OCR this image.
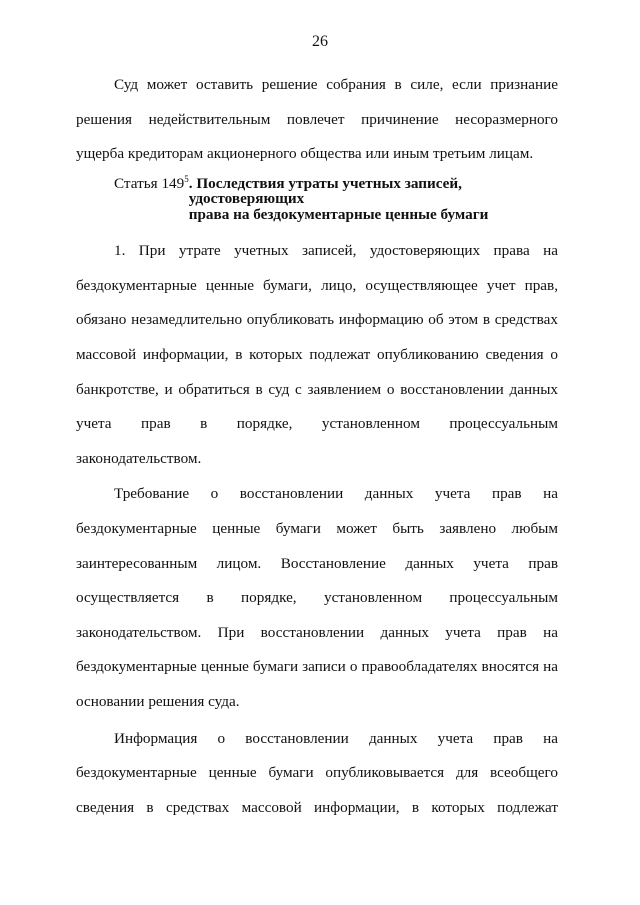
26

Суд может оставить решение собрания в силе, если признание решения недействительным повлечет причинение несоразмерного ущерба кредиторам акционерного общества или иным третьим лицам.

Статья $149^5$ . Последствия утраты учетных записей,
удостоверяющих
права на бездокументарные ценные бумаги

1. При утрате учетных записей, удостоверяющих права на бездокументарные ценные бумаги, лицо, осуществляющее учет прав, обязано незамедлительно опубликовать информацию об этом в средствах массовой информации, в которых подлежат опубликованию сведения о банкротстве, и обратиться в суд с заявлением о восстановлении данных учета прав в порядке, установленном процессуальным законодательством.

Требование о восстановлении данных учета прав на бездокументарные ценные бумаги может быть заявлено любым заинтересованным лицом. Восстановление данных учета прав осуществляется в порядке, установленном процессуальным законодательством. При восстановлении данных учета прав на бездокументарные ценные бумаги записи о правообладателях вносятся на основании решения суда.

Информация о восстановлении данных учета прав на бездокументарные ценные бумаги опубликовывается для всеобщего сведения в средствах массовой информации, в которых подлежат
